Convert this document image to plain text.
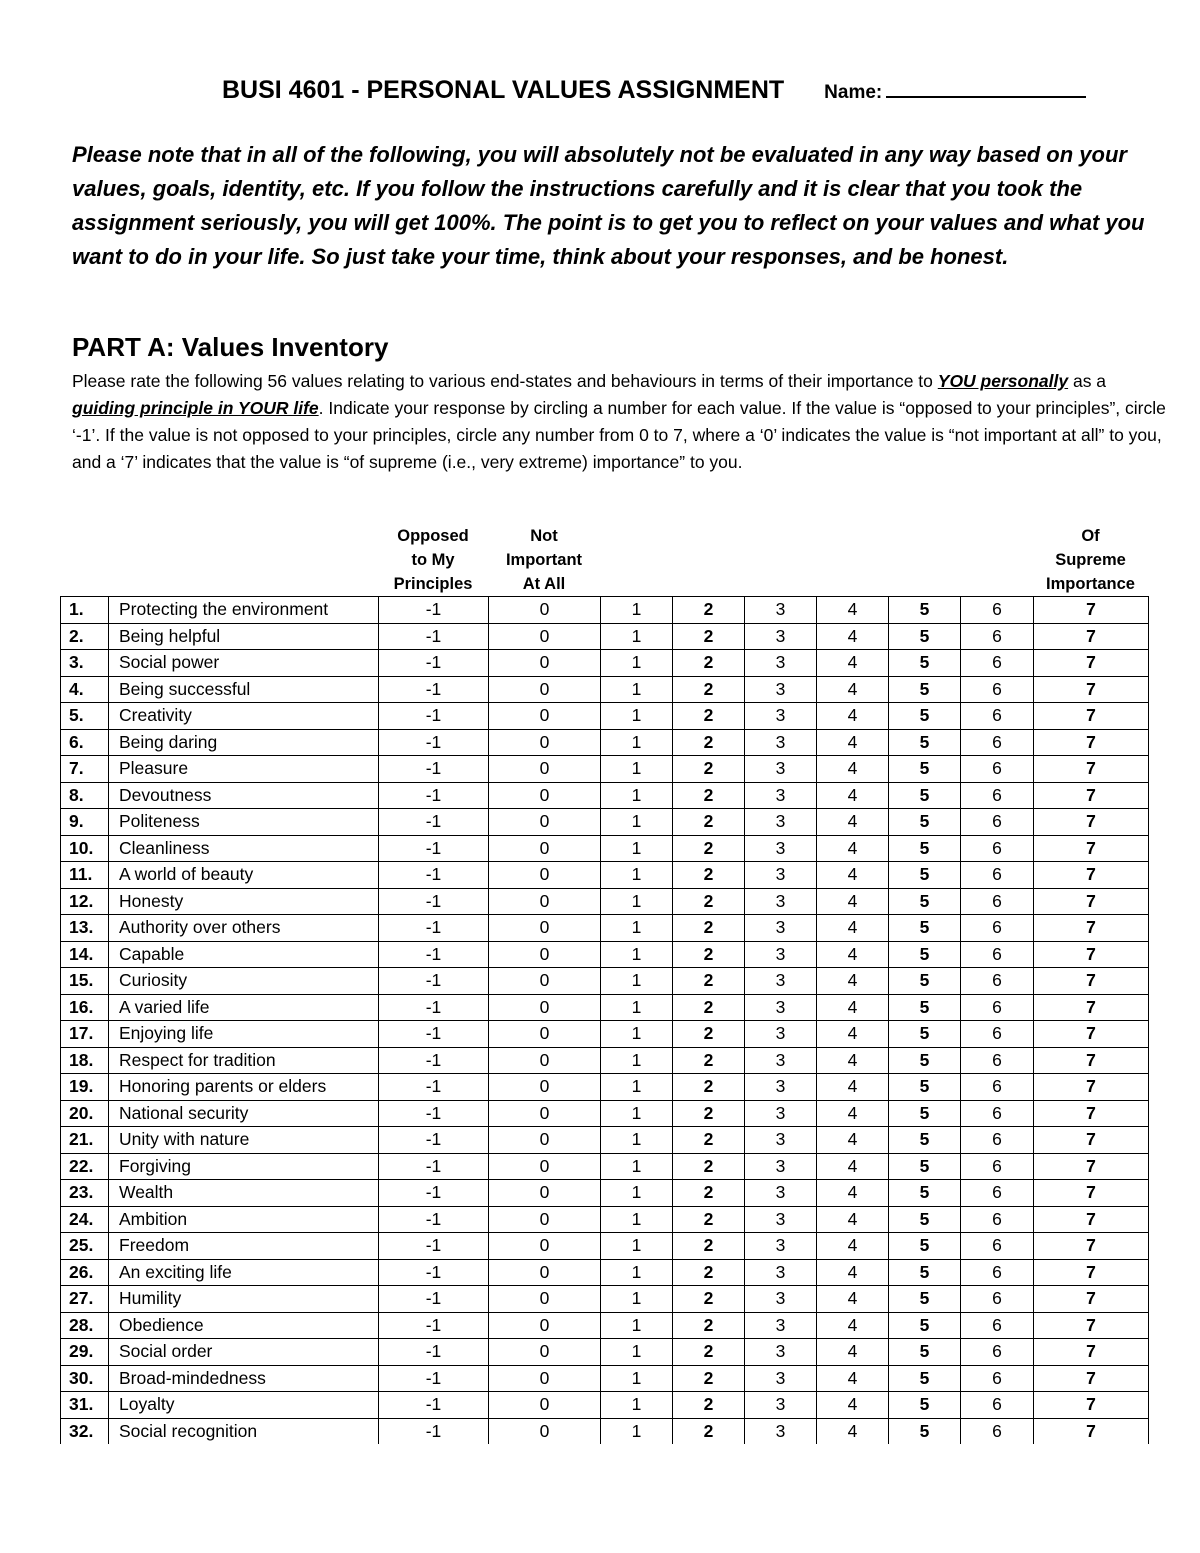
BUSI 4601 - PERSONAL VALUES ASSIGNMENT Name:
Please note that in all of the following, you will absolutely not be evaluated in any way based on your values, goals, identity, etc. If you follow the instructions carefully and it is clear that you took the assignment seriously, you will get 100%. The point is to get you to reflect on your values and what you want to do in your life. So just take your time, think about your responses, and be honest.
PART A: Values Inventory
Please rate the following 56 values relating to various end-states and behaviours in terms of their importance to YOU personally as a guiding principle in YOUR life. Indicate your response by circling a number for each value. If the value is “opposed to your principles”, circle ‘-1’. If the value is not opposed to your principles, circle any number from 0 to 7, where a ‘0’ indicates the value is “not important at all” to you, and a ‘7’ indicates that the value is “of supreme (i.e., very extreme) importance” to you.
Opposed
to My
Principles
Not
Important
At All
Of
Supreme
Importance
1.	Protecting the environment	-1	0	1	2	3	4	5	6	7
2.	Being helpful	-1	0	1	2	3	4	5	6	7
3.	Social power	-1	0	1	2	3	4	5	6	7
4.	Being successful	-1	0	1	2	3	4	5	6	7
5.	Creativity	-1	0	1	2	3	4	5	6	7
6.	Being daring	-1	0	1	2	3	4	5	6	7
7.	Pleasure	-1	0	1	2	3	4	5	6	7
8.	Devoutness	-1	0	1	2	3	4	5	6	7
9.	Politeness	-1	0	1	2	3	4	5	6	7
10.	Cleanliness	-1	0	1	2	3	4	5	6	7
11.	A world of beauty	-1	0	1	2	3	4	5	6	7
12.	Honesty	-1	0	1	2	3	4	5	6	7
13.	Authority over others	-1	0	1	2	3	4	5	6	7
14.	Capable	-1	0	1	2	3	4	5	6	7
15.	Curiosity	-1	0	1	2	3	4	5	6	7
16.	A varied life	-1	0	1	2	3	4	5	6	7
17.	Enjoying life	-1	0	1	2	3	4	5	6	7
18.	Respect for tradition	-1	0	1	2	3	4	5	6	7
19.	Honoring parents or elders	-1	0	1	2	3	4	5	6	7
20.	National security	-1	0	1	2	3	4	5	6	7
21.	Unity with nature	-1	0	1	2	3	4	5	6	7
22.	Forgiving	-1	0	1	2	3	4	5	6	7
23.	Wealth	-1	0	1	2	3	4	5	6	7
24.	Ambition	-1	0	1	2	3	4	5	6	7
25.	Freedom	-1	0	1	2	3	4	5	6	7
26.	An exciting life	-1	0	1	2	3	4	5	6	7
27.	Humility	-1	0	1	2	3	4	5	6	7
28.	Obedience	-1	0	1	2	3	4	5	6	7
29.	Social order	-1	0	1	2	3	4	5	6	7
30.	Broad-mindedness	-1	0	1	2	3	4	5	6	7
31.	Loyalty	-1	0	1	2	3	4	5	6	7
32.	Social recognition	-1	0	1	2	3	4	5	6	7
